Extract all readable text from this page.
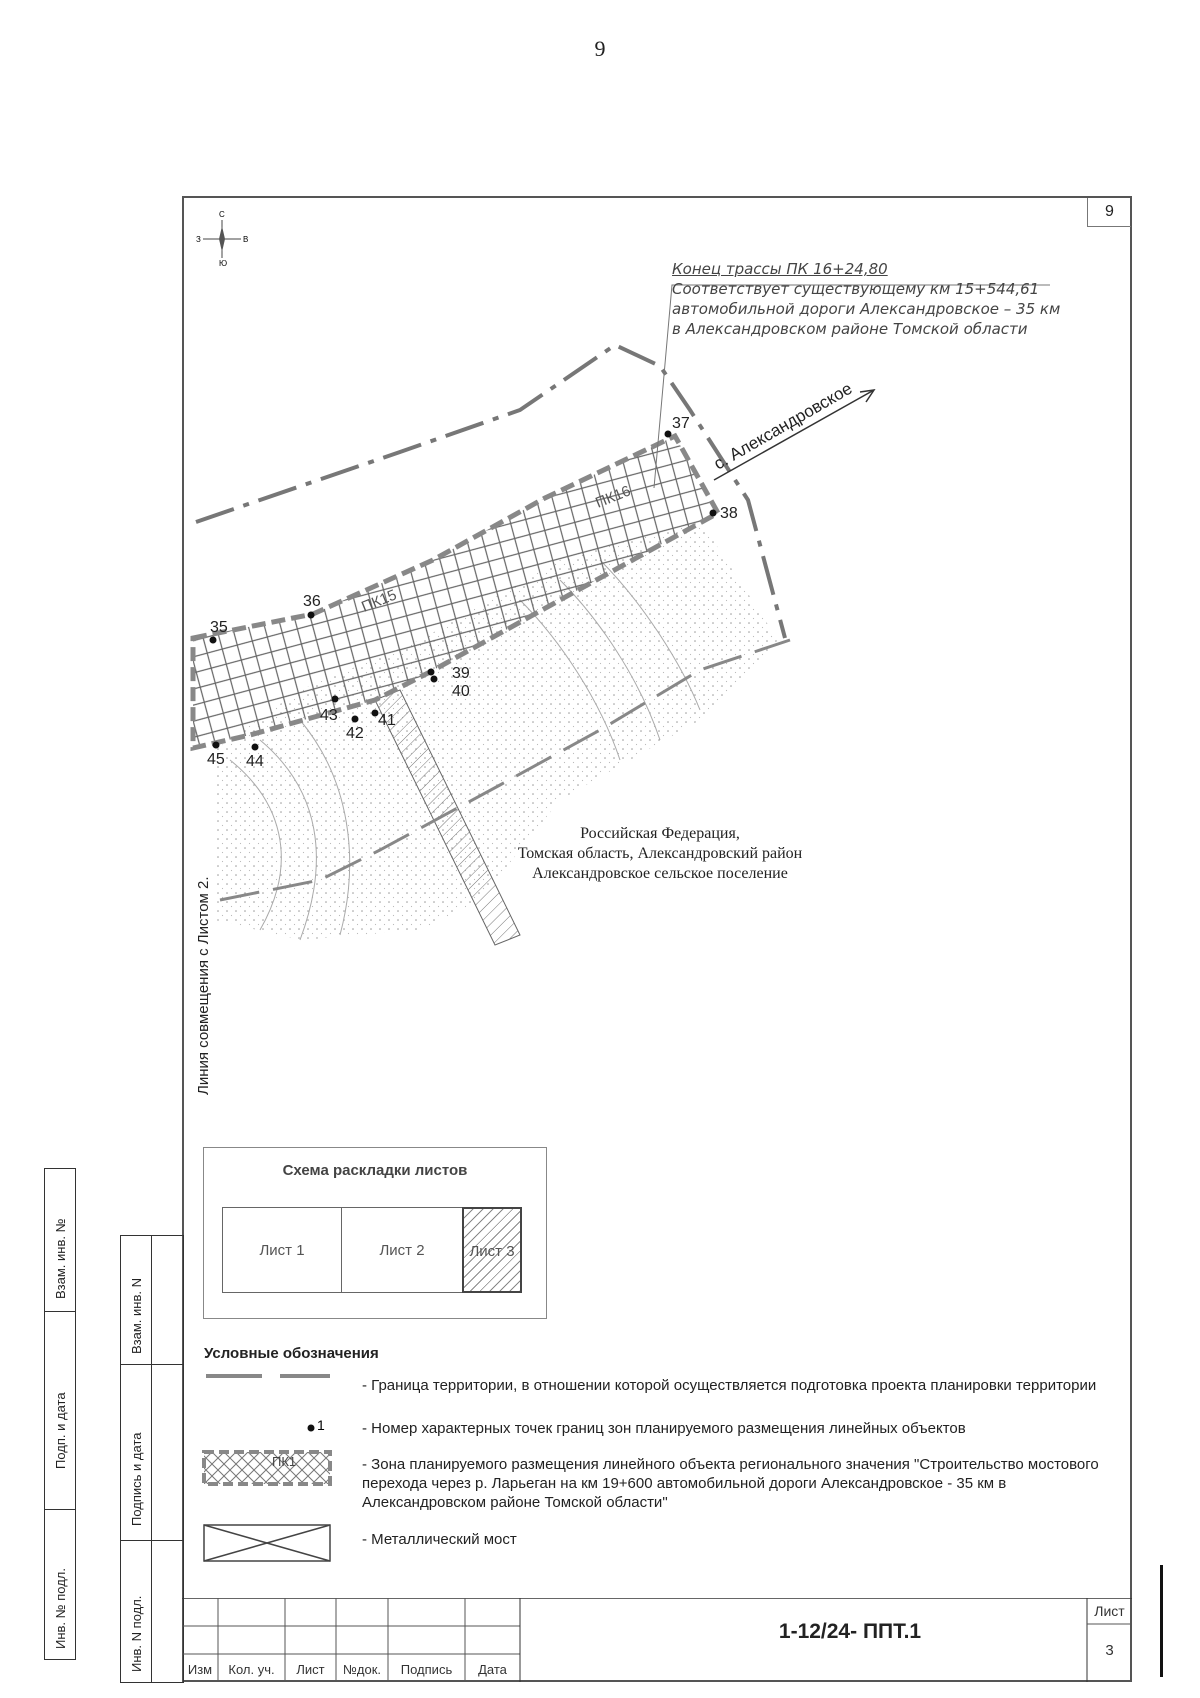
9
9
С
Ю
З	В
с. Александровское
ПК16
ПК15
37
38
36
35
39
40
43
42
41
45 44
Конец трассы ПК 16+24,80
Соответствует существующему км 15+544,61
автомобильной дороги Александровское – 35 км
в Александровском районе Томской области
Российская Федерация,
Томская область, Александровский район
Александровское сельское поселение
Линия совмещения с Листом 2.
Схема раскладки листов
Лист 1	Лист 2	Лист 3
Условные обозначения
1
ПК1
- Граница территории, в отношении которой осуществляется подготовка проекта планировки территории
- Номер характерных точек границ зон планируемого размещения линейных объектов
- Зона планируемого размещения линейного объекта регионального значения "Строительство мостового перехода через р. Ларьеган на км 19+600 автомобильной дороги Александровское - 35 км в Александровском районе Томской области"
- Металлический мост
Взам. инв. №
Подп. и дата
Инв. № подл.
Взам. инв. N
Подпись и дата
Инв. N подл.	Изм	Кол. уч.	Лист	№док.	Подпись	Дата
1-12/24- ППТ.1
Лист
3
